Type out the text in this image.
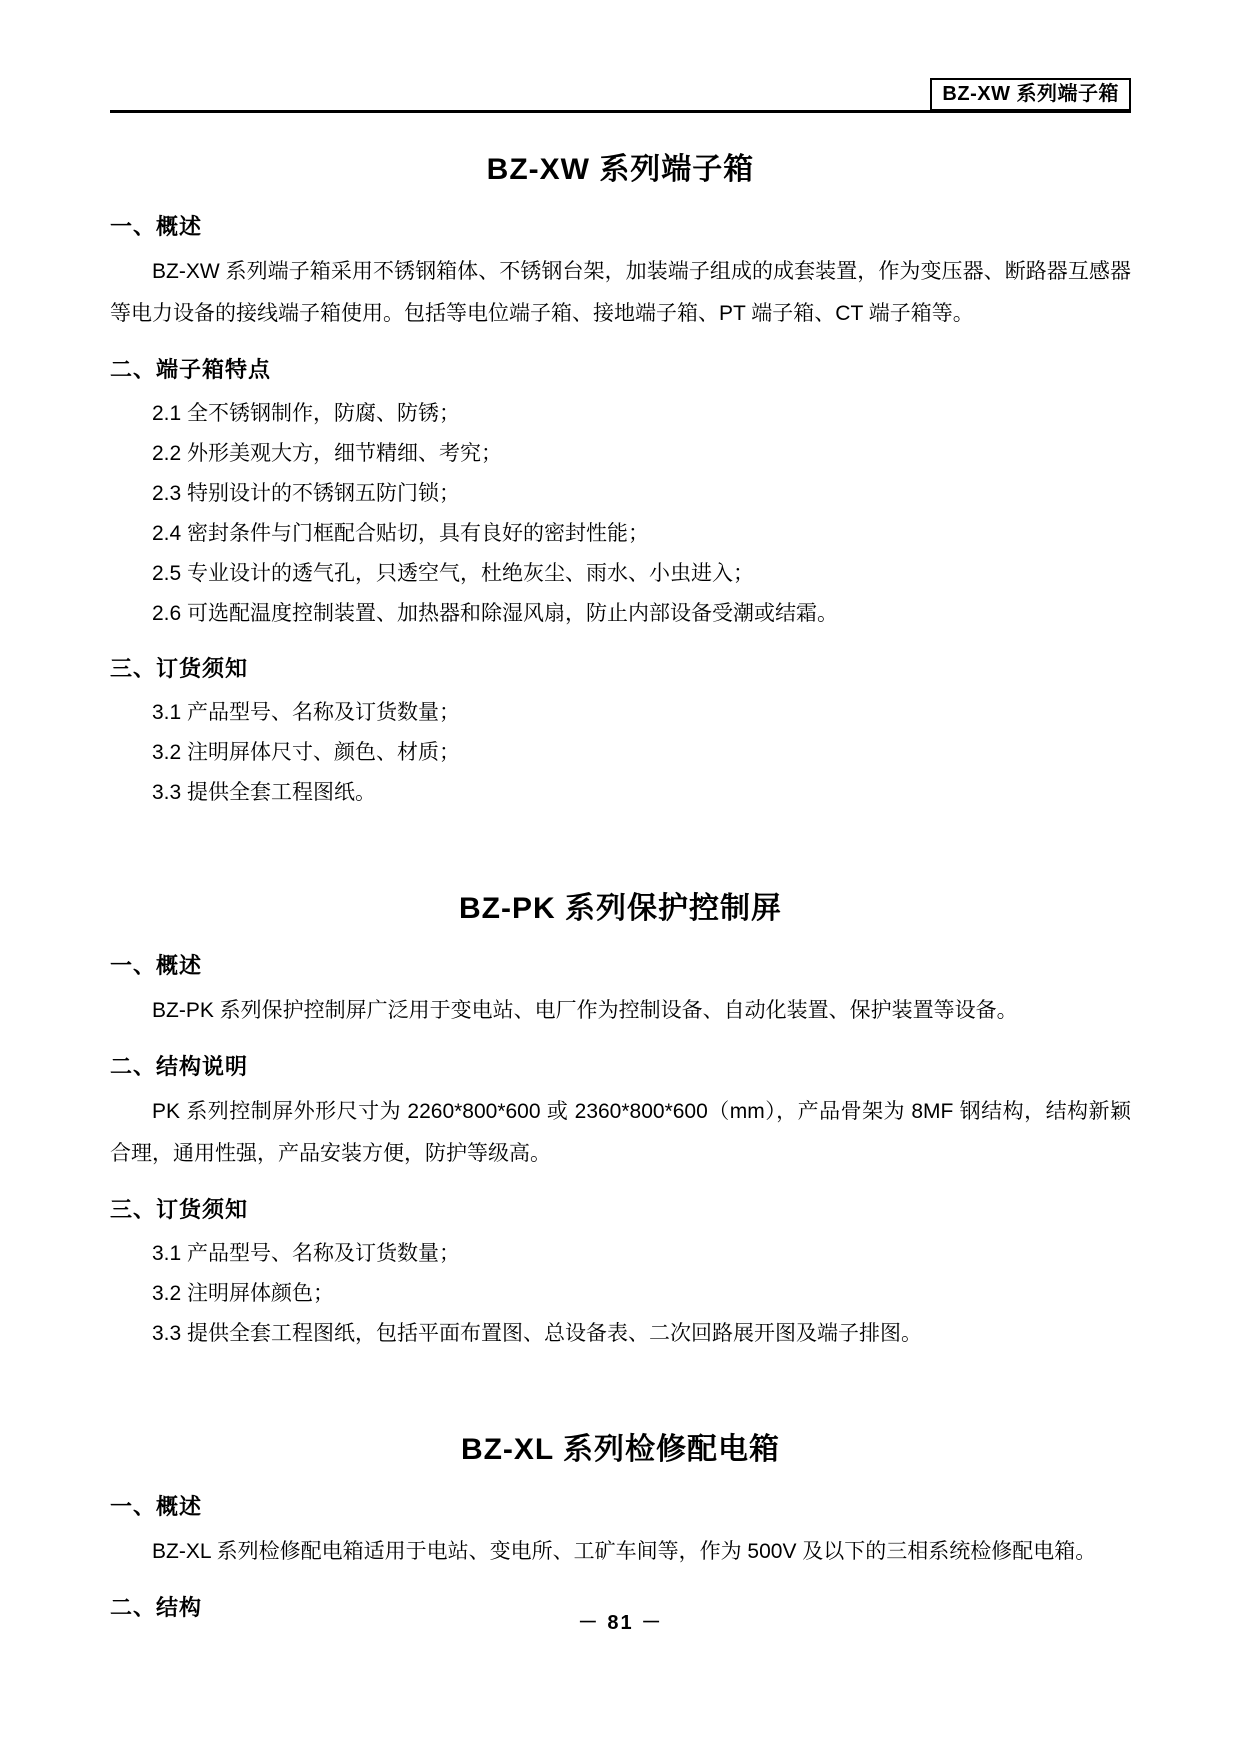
BZ-XW 系列端子箱
BZ-XW 系列端子箱
一、概述

BZ-XW 系列端子箱采用不锈钢箱体、不锈钢台架，加装端子组成的成套装置，作为变压器、断路器互感器等电力设备的接线端子箱使用。包括等电位端子箱、接地端子箱、PT 端子箱、CT 端子箱等。

二、端子箱特点
2.1 全不锈钢制作，防腐、防锈；
2.2 外形美观大方，细节精细、考究；
2.3 特别设计的不锈钢五防门锁；
2.4 密封条件与门框配合贴切，具有良好的密封性能；
2.5 专业设计的透气孔，只透空气，杜绝灰尘、雨水、小虫进入；
2.6 可选配温度控制装置、加热器和除湿风扇，防止内部设备受潮或结霜。
三、订货须知
3.1 产品型号、名称及订货数量；
3.2 注明屏体尺寸、颜色、材质；
3.3 提供全套工程图纸。
BZ-PK 系列保护控制屏
一、概述

BZ-PK 系列保护控制屏广泛用于变电站、电厂作为控制设备、自动化装置、保护装置等设备。

二、结构说明

PK 系列控制屏外形尺寸为 2260*800*600 或 2360*800*600（mm），产品骨架为 8MF 钢结构，结构新颖合理，通用性强，产品安装方便，防护等级高。

三、订货须知
3.1 产品型号、名称及订货数量；
3.2 注明屏体颜色；
3.3 提供全套工程图纸，包括平面布置图、总设备表、二次回路展开图及端子排图。
BZ-XL 系列检修配电箱
一、概述

BZ-XL 系列检修配电箱适用于电站、变电所、工矿车间等，作为 500V 及以下的三相系统检修配电箱。

二、结构
－ 81 －
